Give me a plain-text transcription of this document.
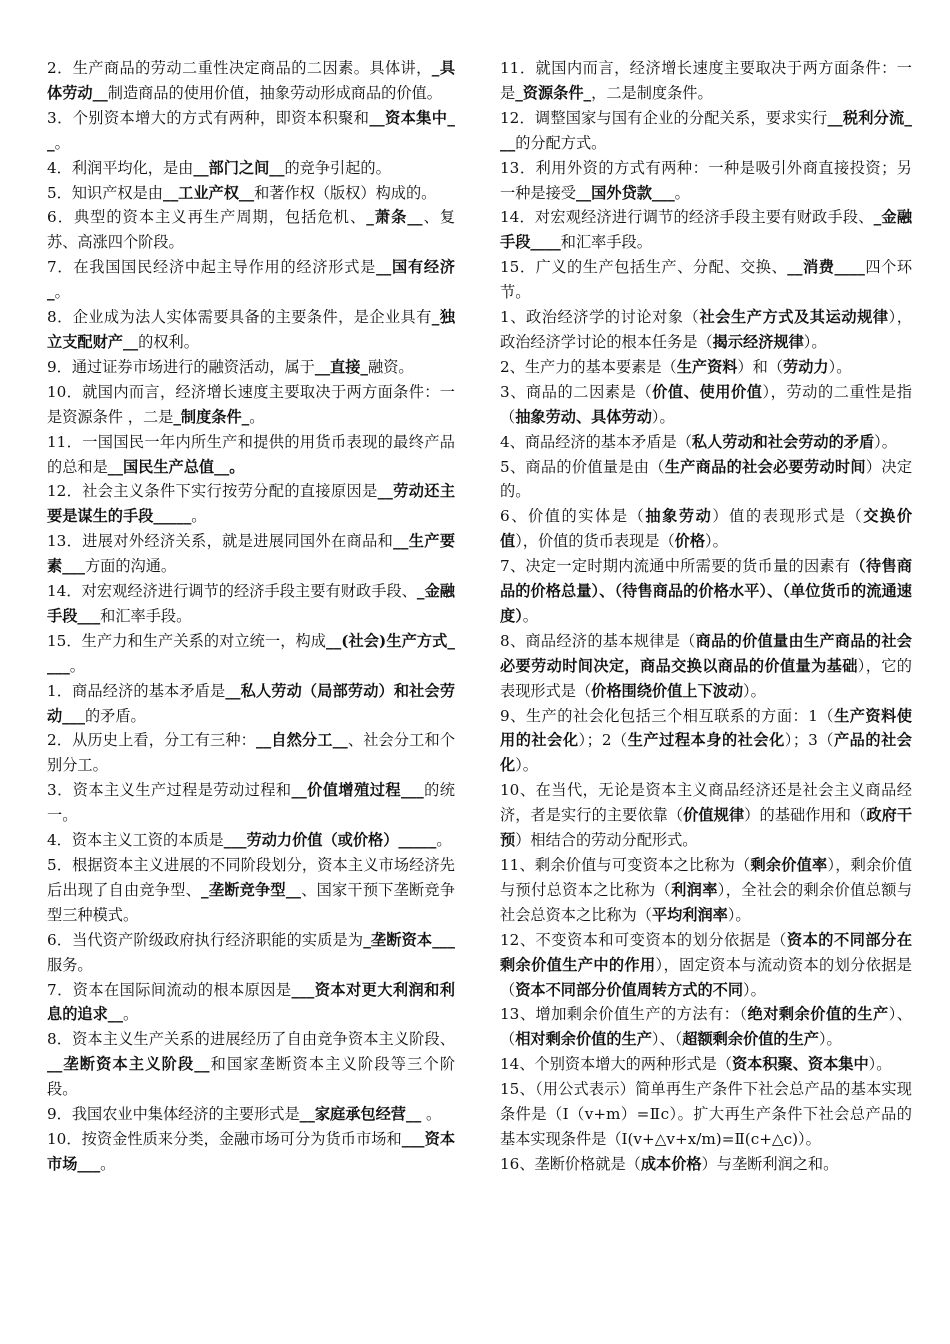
2．生产商品的劳动二重性决定商品的二因素。具体讲，_具体劳动__制造商品的使用价值，抽象劳动形成商品的价值。

3．个别资本增大的方式有两种，即资本积聚和__资本集中__。

4．利润平均化，是由__部门之间__的竞争引起的。

5．知识产权是由__工业产权__和著作权（版权）构成的。

6．典型的资本主义再生产周期，包括危机、_萧条__、复苏、高涨四个阶段。

7．在我国国民经济中起主导作用的经济形式是__国有经济_。

8．企业成为法人实体需要具备的主要条件，是企业具有_独立支配财产__的权利。

9．通过证券市场进行的融资活动，属于__直接_融资。

10．就国内而言，经济增长速度主要取决于两方面条件：一是资源条件 ，二是_制度条件_。

11．一国国民一年内所生产和提供的用货币表现的最终产品的总和是__国民生产总值__。

12．社会主义条件下实行按劳分配的直接原因是__劳动还主要是谋生的手段_____。

13．进展对外经济关系，就是进展同国外在商品和__生产要素___方面的沟通。

14．对宏观经济进行调节的经济手段主要有财政手段、_金融手段___和汇率手段。

15．生产力和生产关系的对立统一，构成__(社会)生产方式____。

1．商品经济的基本矛盾是__私人劳动（局部劳动）和社会劳动___的矛盾。

2．从历史上看，分工有三种：__自然分工__、社会分工和个别分工。

3．资本主义生产过程是劳动过程和__价值增殖过程___的统一。

4．资本主义工资的本质是___劳动力价值（或价格）_____。

5．根据资本主义进展的不同阶段划分，资本主义市场经济先后出现了自由竞争型、_垄断竞争型__、国家干预下垄断竞争型三种模式。

6．当代资产阶级政府执行经济职能的实质是为_垄断资本___服务。

7．资本在国际间流动的根本原因是___资本对更大利润和利息的追求__。

8．资本主义生产关系的进展经历了自由竞争资本主义阶段、__垄断资本主义阶段__和国家垄断资本主义阶段等三个阶段。

9．我国农业中集体经济的主要形式是__家庭承包经营__ 。

10．按资金性质来分类，金融市场可分为货币市场和___资本市场___。

11．就国内而言，经济增长速度主要取决于两方面条件：一是_资源条件_，二是制度条件。

12．调整国家与国有企业的分配关系，要求实行__税利分流___的分配方式。

13．利用外资的方式有两种：一种是吸引外商直接投资；另一种是接受__国外贷款___。

14．对宏观经济进行调节的经济手段主要有财政手段、_金融手段____和汇率手段。

15．广义的生产包括生产、分配、交换、__消费____四个环节。

1、政治经济学的讨论对象（社会生产方式及其运动规律），政治经济学讨论的根本任务是（揭示经济规律）。

2、生产力的基本要素是（生产资料）和（劳动力）。

3、商品的二因素是（价值、使用价值），劳动的二重性是指（抽象劳动、具体劳动）。

4、商品经济的基本矛盾是（私人劳动和社会劳动的矛盾）。

5、商品的价值量是由（生产商品的社会必要劳动时间）决定的。

6、价值的实体是（抽象劳动）值的表现形式是（交换价值），价值的货币表现是（价格）。

7、决定一定时期内流通中所需要的货币量的因素有（待售商品的价格总量）、（待售商品的价格水平）、（单位货币的流通速度）。

8、商品经济的基本规律是（商品的价值量由生产商品的社会必要劳动时间决定，商品交换以商品的价值量为基础），它的表现形式是（价格围绕价值上下波动）。

9、生产的社会化包括三个相互联系的方面：1（生产资料使用的社会化）；2（生产过程本身的社会化）；3（产品的社会化）。

10、在当代，无论是资本主义商品经济还是社会主义商品经济，者是实行的主要依靠（价值规律）的基础作用和（政府干预）相结合的劳动分配形式。

11、剩余价值与可变资本之比称为（剩余价值率），剩余价值与预付总资本之比称为（利润率），全社会的剩余价值总额与社会总资本之比称为（平均利润率）。

12、不变资本和可变资本的划分依据是（资本的不同部分在剩余价值生产中的作用），固定资本与流动资本的划分依据是（资本不同部分价值周转方式的不同）。

13、增加剩余价值生产的方法有：（绝对剩余价值的生产）、（相对剩余价值的生产）、（超额剩余价值的生产）。

14、个别资本增大的两种形式是（资本积聚、资本集中）。

15、（用公式表示）简单再生产条件下社会总产品的基本实现条件是（Ⅰ（v+m）=Ⅱc）。扩大再生产条件下社会总产品的基本实现条件是（Ⅰ(v+△v+x/m)=Ⅱ(c+△c)）。

16、垄断价格就是（成本价格）与垄断利润之和。
